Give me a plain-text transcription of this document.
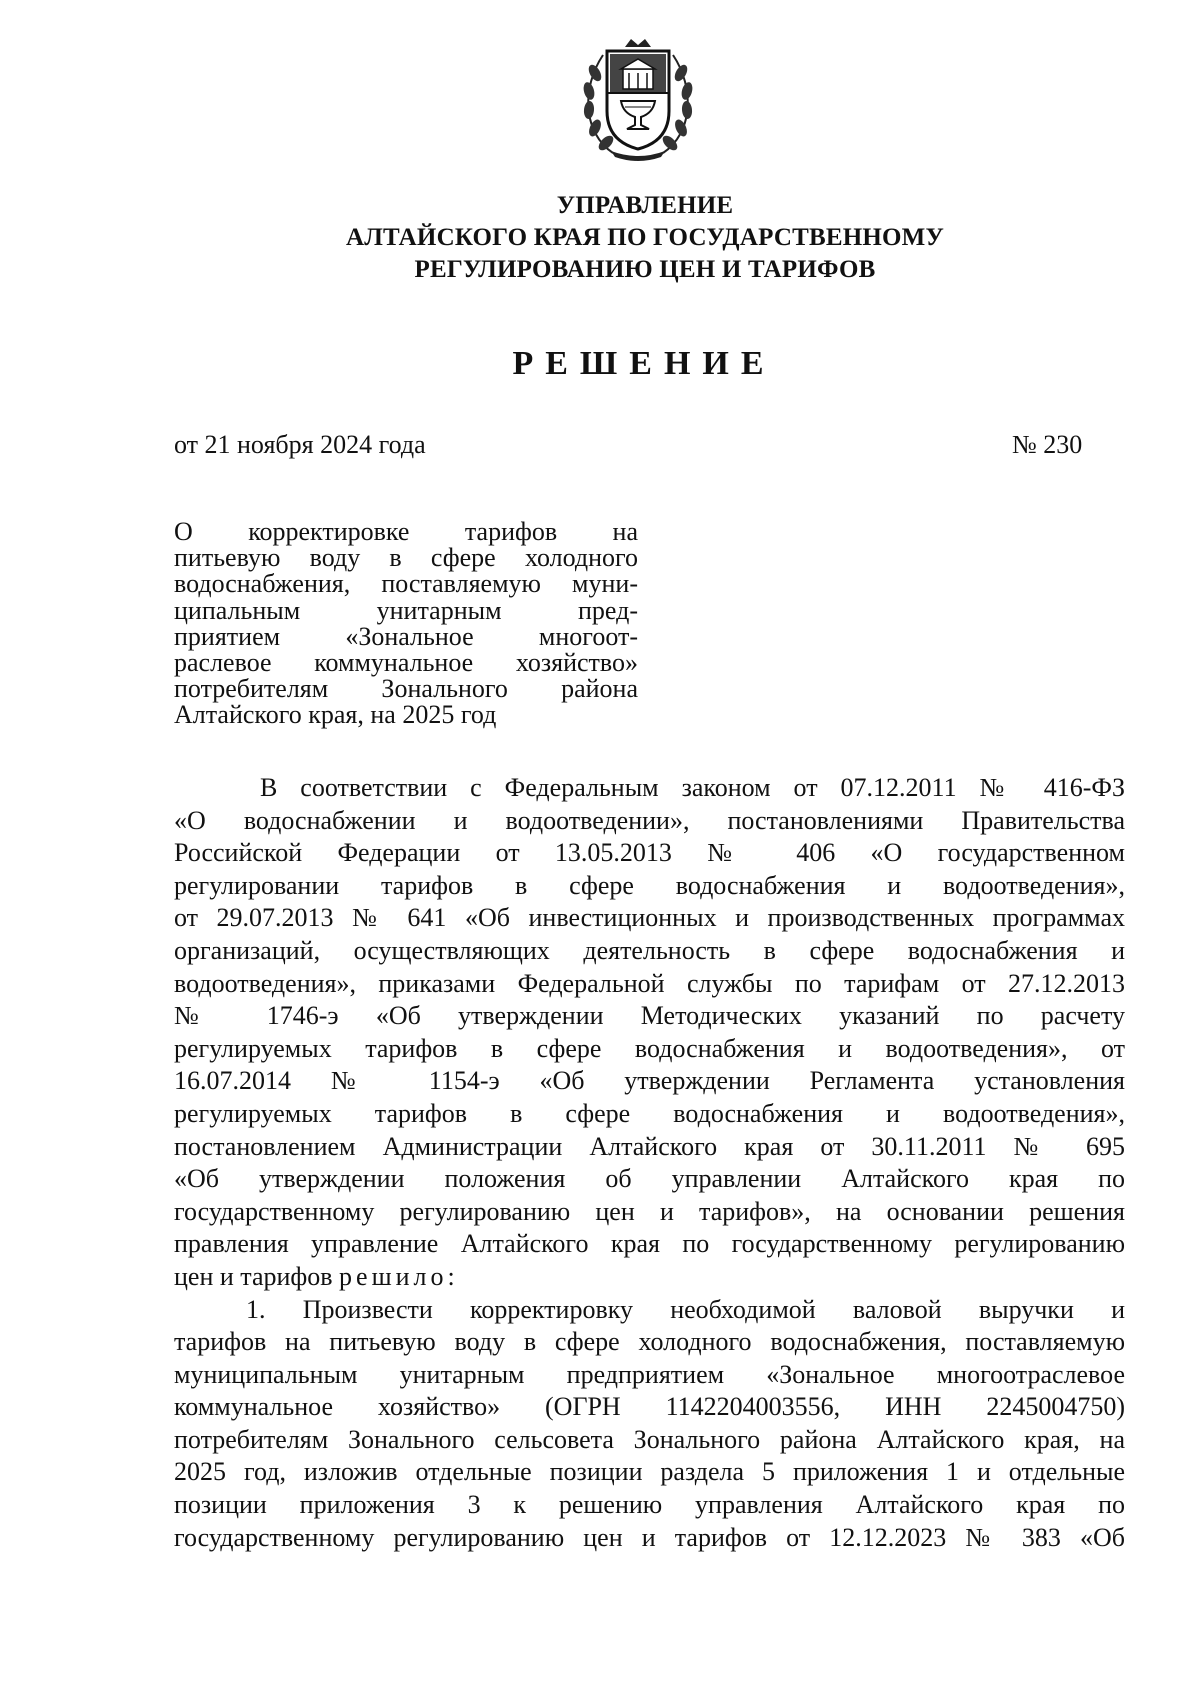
УПРАВЛЕНИЕ
АЛТАЙСКОГО КРАЯ ПО ГОСУДАРСТВЕННОМУ
РЕГУЛИРОВАНИЮ ЦЕН И ТАРИФОВ
РЕШЕНИЕ
от 21 ноября 2024 года	№ 230
О корректировке тарифов на
питьевую воду в сфере холодного
водоснабжения, поставляемую муни-
ципальным унитарным пред-
приятием «Зональное многоот-
раслевое коммунальное хозяйство»
потребителям Зонального района
Алтайского края, на 2025 год
В соответствии с Федеральным законом от 07.12.2011 № 416-ФЗ
«О водоснабжении и водоотведении», постановлениями Правительства
Российской Федерации от 13.05.2013 № 406 «О государственном
регулировании тарифов в сфере водоснабжения и водоотведения»,
от 29.07.2013 № 641 «Об инвестиционных и производственных программах
организаций, осуществляющих деятельность в сфере водоснабжения и
водоотведения», приказами Федеральной службы по тарифам от 27.12.2013
№ 1746-э «Об утверждении Методических указаний по расчету
регулируемых тарифов в сфере водоснабжения и водоотведения», от
16.07.2014 № 1154-э «Об утверждении Регламента установления
регулируемых тарифов в сфере водоснабжения и водоотведения»,
постановлением Администрации Алтайского края от 30.11.2011 № 695
«Об утверждении положения об управлении Алтайского края по
государственному регулированию цен и тарифов», на основании решения
правления управление Алтайского края по государственному регулированию
цен и тарифов решило:
1. Произвести корректировку необходимой валовой выручки и
тарифов на питьевую воду в сфере холодного водоснабжения, поставляемую
муниципальным унитарным предприятием «Зональное многоотраслевое
коммунальное хозяйство» (ОГРН 1142204003556, ИНН 2245004750)
потребителям Зонального сельсовета Зонального района Алтайского края, на
2025 год, изложив отдельные позиции раздела 5 приложения 1 и отдельные
позиции приложения 3 к решению управления Алтайского края по
государственному регулированию цен и тарифов от 12.12.2023 № 383 «Об
